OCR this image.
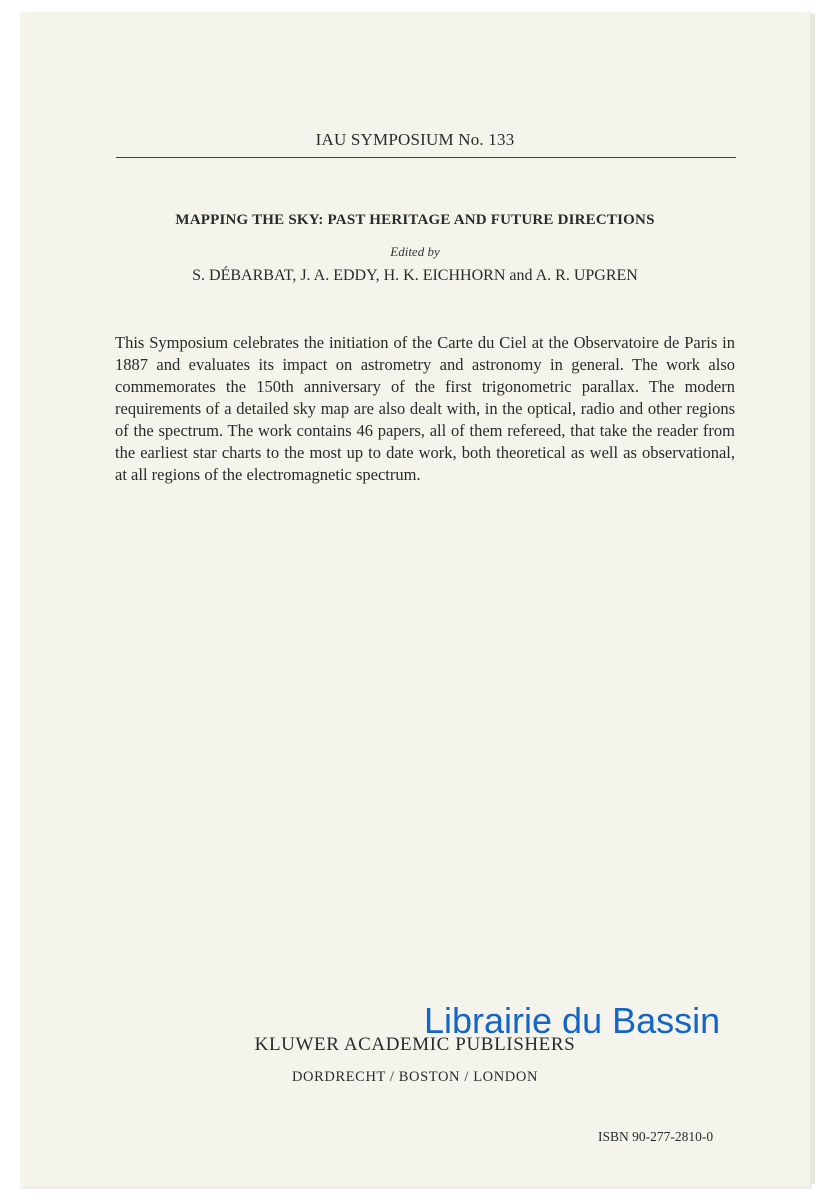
IAU SYMPOSIUM No. 133
MAPPING THE SKY: PAST HERITAGE AND FUTURE DIRECTIONS
Edited by
S. DÉBARBAT, J. A. EDDY, H. K. EICHHORN and A. R. UPGREN
This Symposium celebrates the initiation of the Carte du Ciel at the Observatoire de Paris in 1887 and evaluates its impact on astrometry and astronomy in general. The work also commemorates the 150th anniversary of the first trigonometric parallax. The modern requirements of a detailed sky map are also dealt with, in the optical, radio and other regions of the spectrum. The work contains 46 papers, all of them refereed, that take the reader from the earliest star charts to the most up to date work, both theoretical as well as observational, at all regions of the electromagnetic spectrum.
KLUWER ACADEMIC PUBLISHERS
DORDRECHT / BOSTON / LONDON
ISBN 90-277-2810-0
Librairie du Bassin
